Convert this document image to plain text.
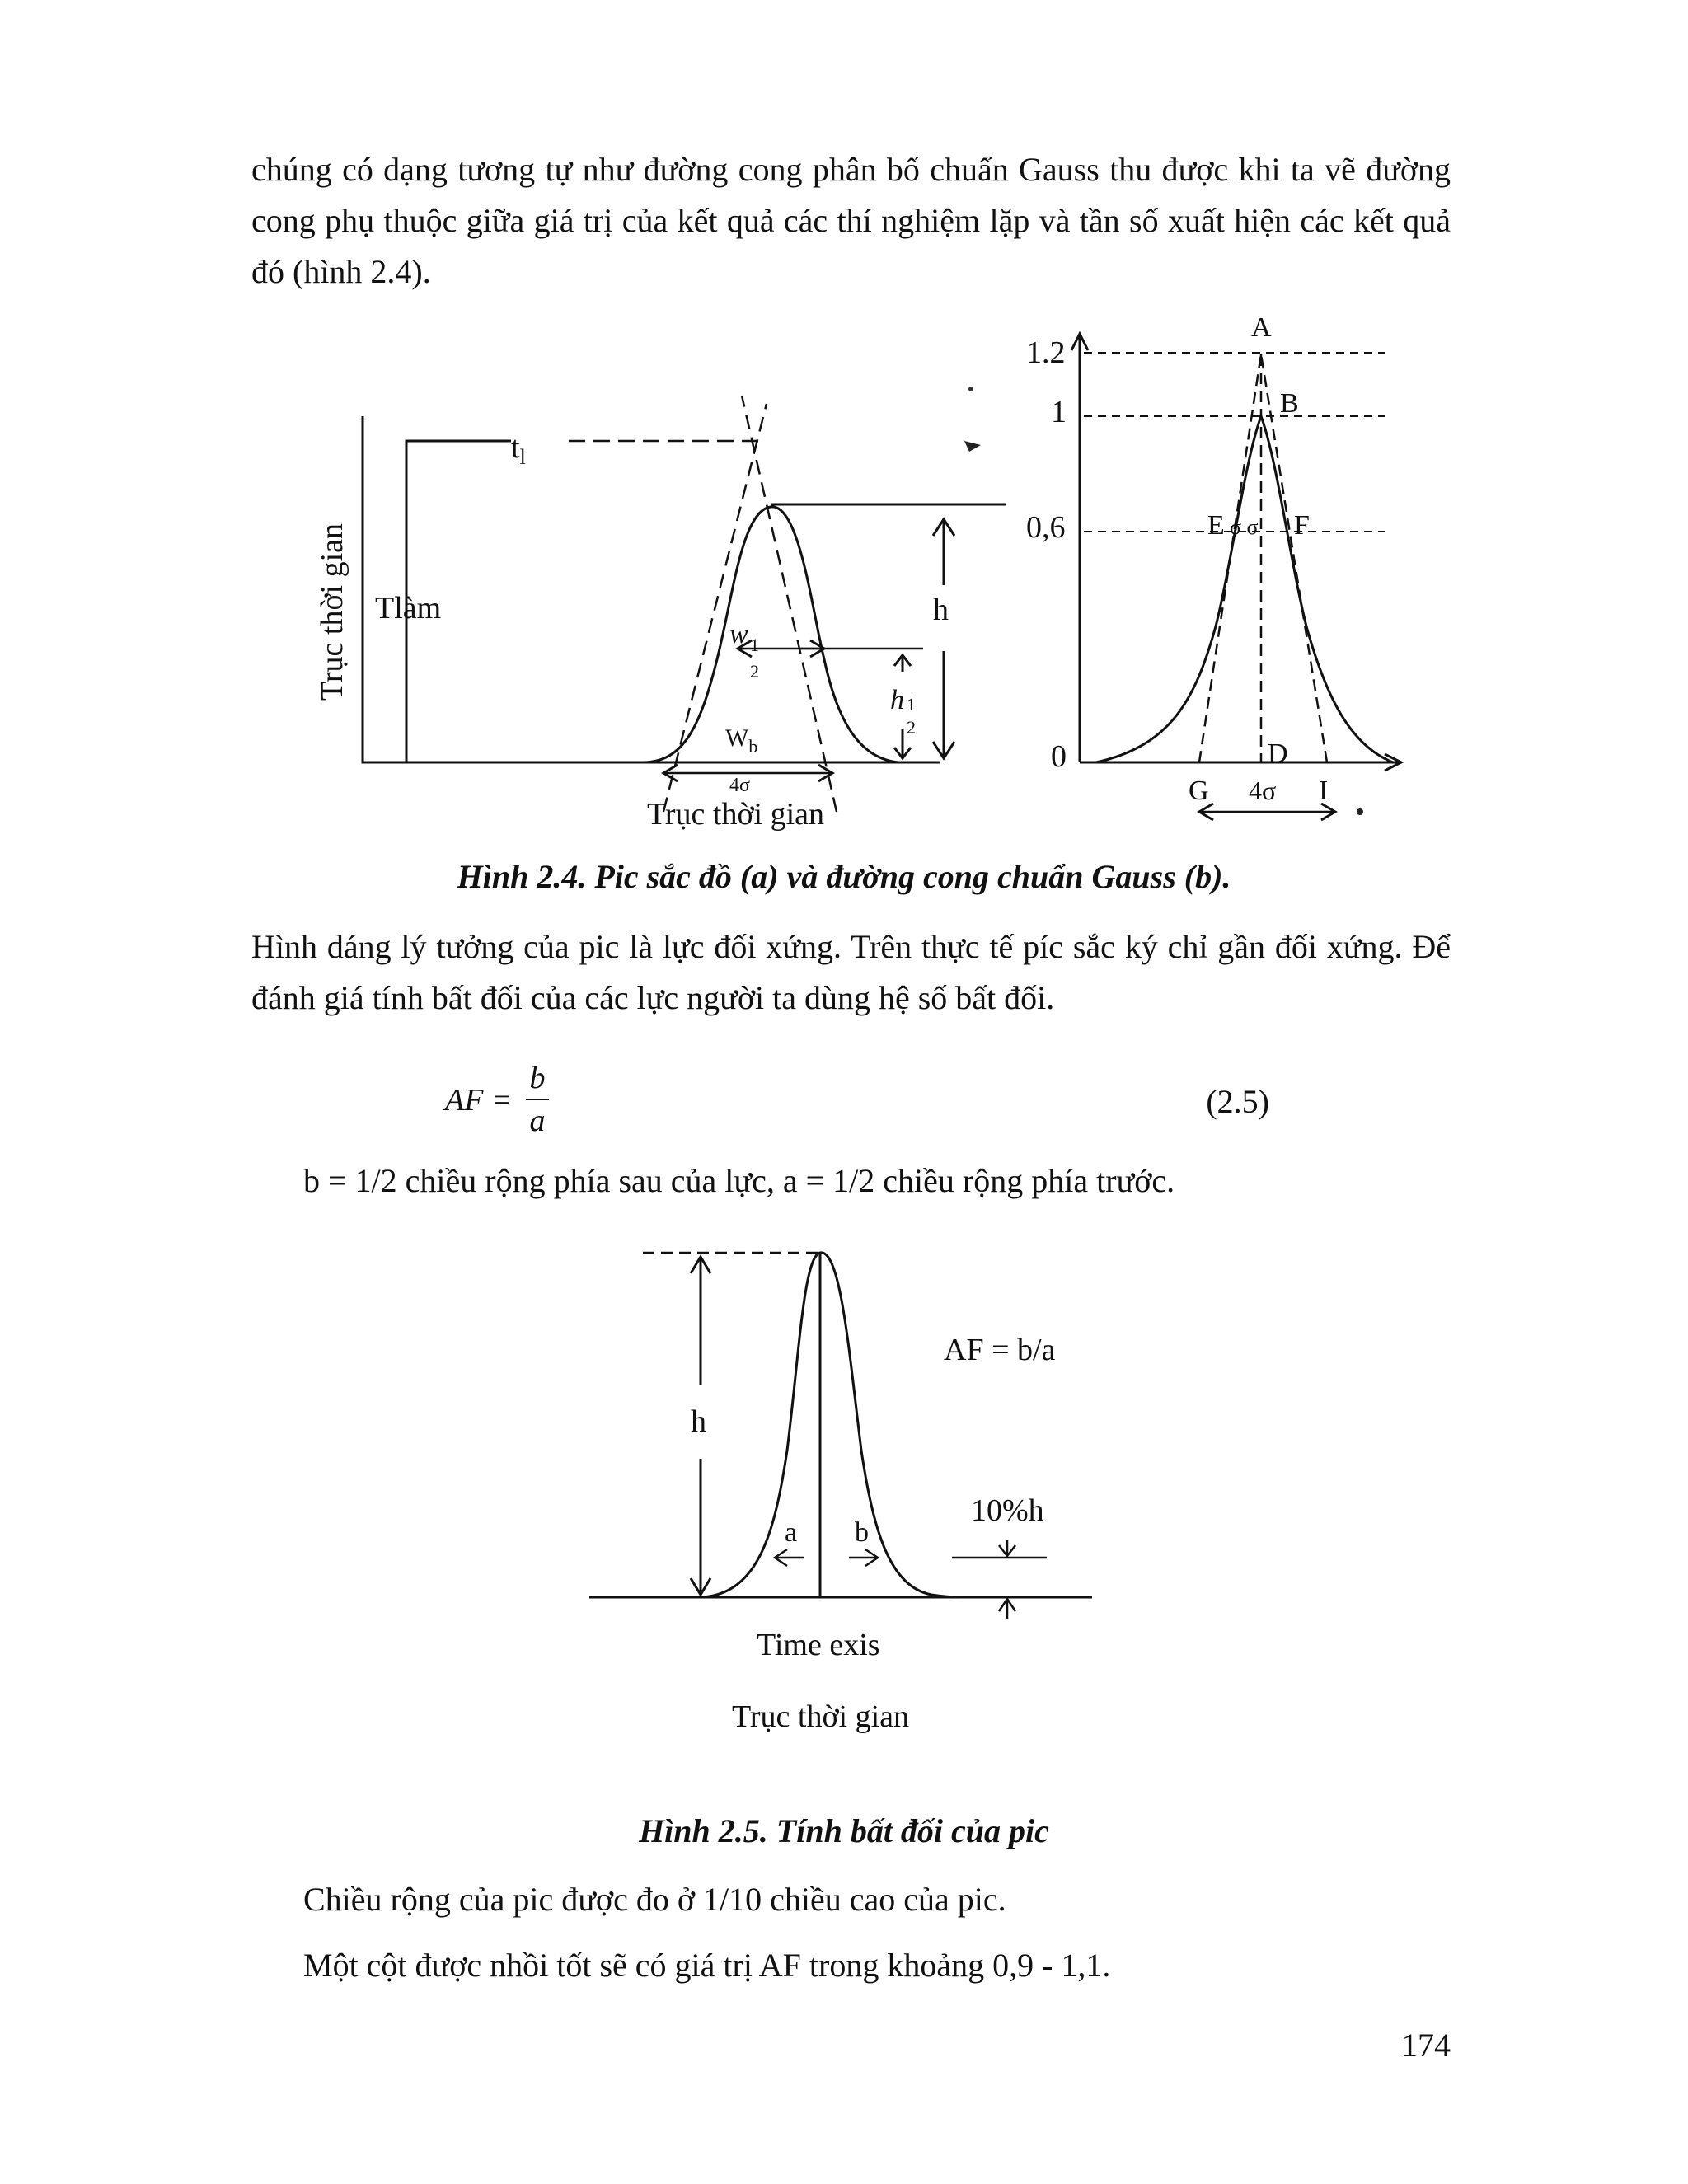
chúng có dạng tương tự như đường cong phân bố chuẩn Gauss thu được khi ta vẽ đường cong phụ thuộc giữa giá trị của kết quả các thí nghiệm lặp và tần số xuất hiện các kết quả đó (hình 2.4).

$t_l$
Tlàm
Trục thời gian	h
w 1
2
h 1
2
$W_b$
4σ
Trục thời gian
1.2
1
0,6
0
A
B
E σ σ F
D
G 4σ I

Hình 2.4. Pic sắc đồ (a) và đường cong chuẩn Gauss (b).

Hình dáng lý tưởng của pic là lực đối xứng. Trên thực tế píc sắc ký chỉ gần đối xứng. Để đánh giá tính bất đối của các lực người ta dùng hệ số bất đối.

AF =
b
a
(2.5)

b = 1/2 chiều rộng phía sau của lực, a = 1/2 chiều rộng phía trước.

h
AF = b/a
a b
10%h
Time exis
Trục thời gian

Hình 2.5. Tính bất đối của pic

Chiều rộng của pic được đo ở 1/10 chiều cao của pic.

Một cột được nhồi tốt sẽ có giá trị AF trong khoảng 0,9 - 1,1.

174
